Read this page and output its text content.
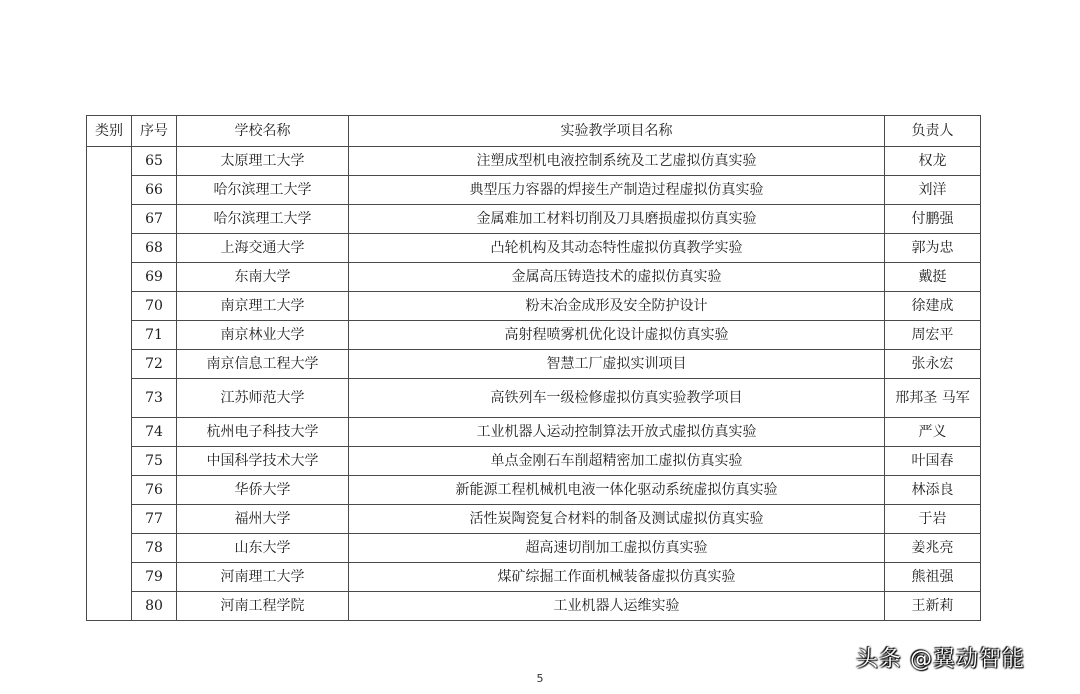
类别	序号	学校名称	实验教学项目名称	负责人
	65	太原理工大学	注塑成型机电液控制系统及工艺虚拟仿真实验	权龙
	66	哈尔滨理工大学	典型压力容器的焊接生产制造过程虚拟仿真实验	刘洋
	67	哈尔滨理工大学	金属难加工材料切削及刀具磨损虚拟仿真实验	付鹏强
	68	上海交通大学	凸轮机构及其动态特性虚拟仿真教学实验	郭为忠
	69	东南大学	金属高压铸造技术的虚拟仿真实验	戴挺
	70	南京理工大学	粉末冶金成形及安全防护设计	徐建成
	71	南京林业大学	高射程喷雾机优化设计虚拟仿真实验	周宏平
	72	南京信息工程大学	智慧工厂虚拟实训项目	张永宏
	73	江苏师范大学	高铁列车一级检修虚拟仿真实验教学项目	邢邦圣 马军
	74	杭州电子科技大学	工业机器人运动控制算法开放式虚拟仿真实验	严义
	75	中国科学技术大学	单点金刚石车削超精密加工虚拟仿真实验	叶国春
	76	华侨大学	新能源工程机械机电液一体化驱动系统虚拟仿真实验	林添良
	77	福州大学	活性炭陶瓷复合材料的制备及测试虚拟仿真实验	于岩
	78	山东大学	超高速切削加工虚拟仿真实验	姜兆亮
	79	河南理工大学	煤矿综掘工作面机械装备虚拟仿真实验	熊祖强
	80	河南工程学院	工业机器人运维实验	王新莉
5
头条 @翼动智能
